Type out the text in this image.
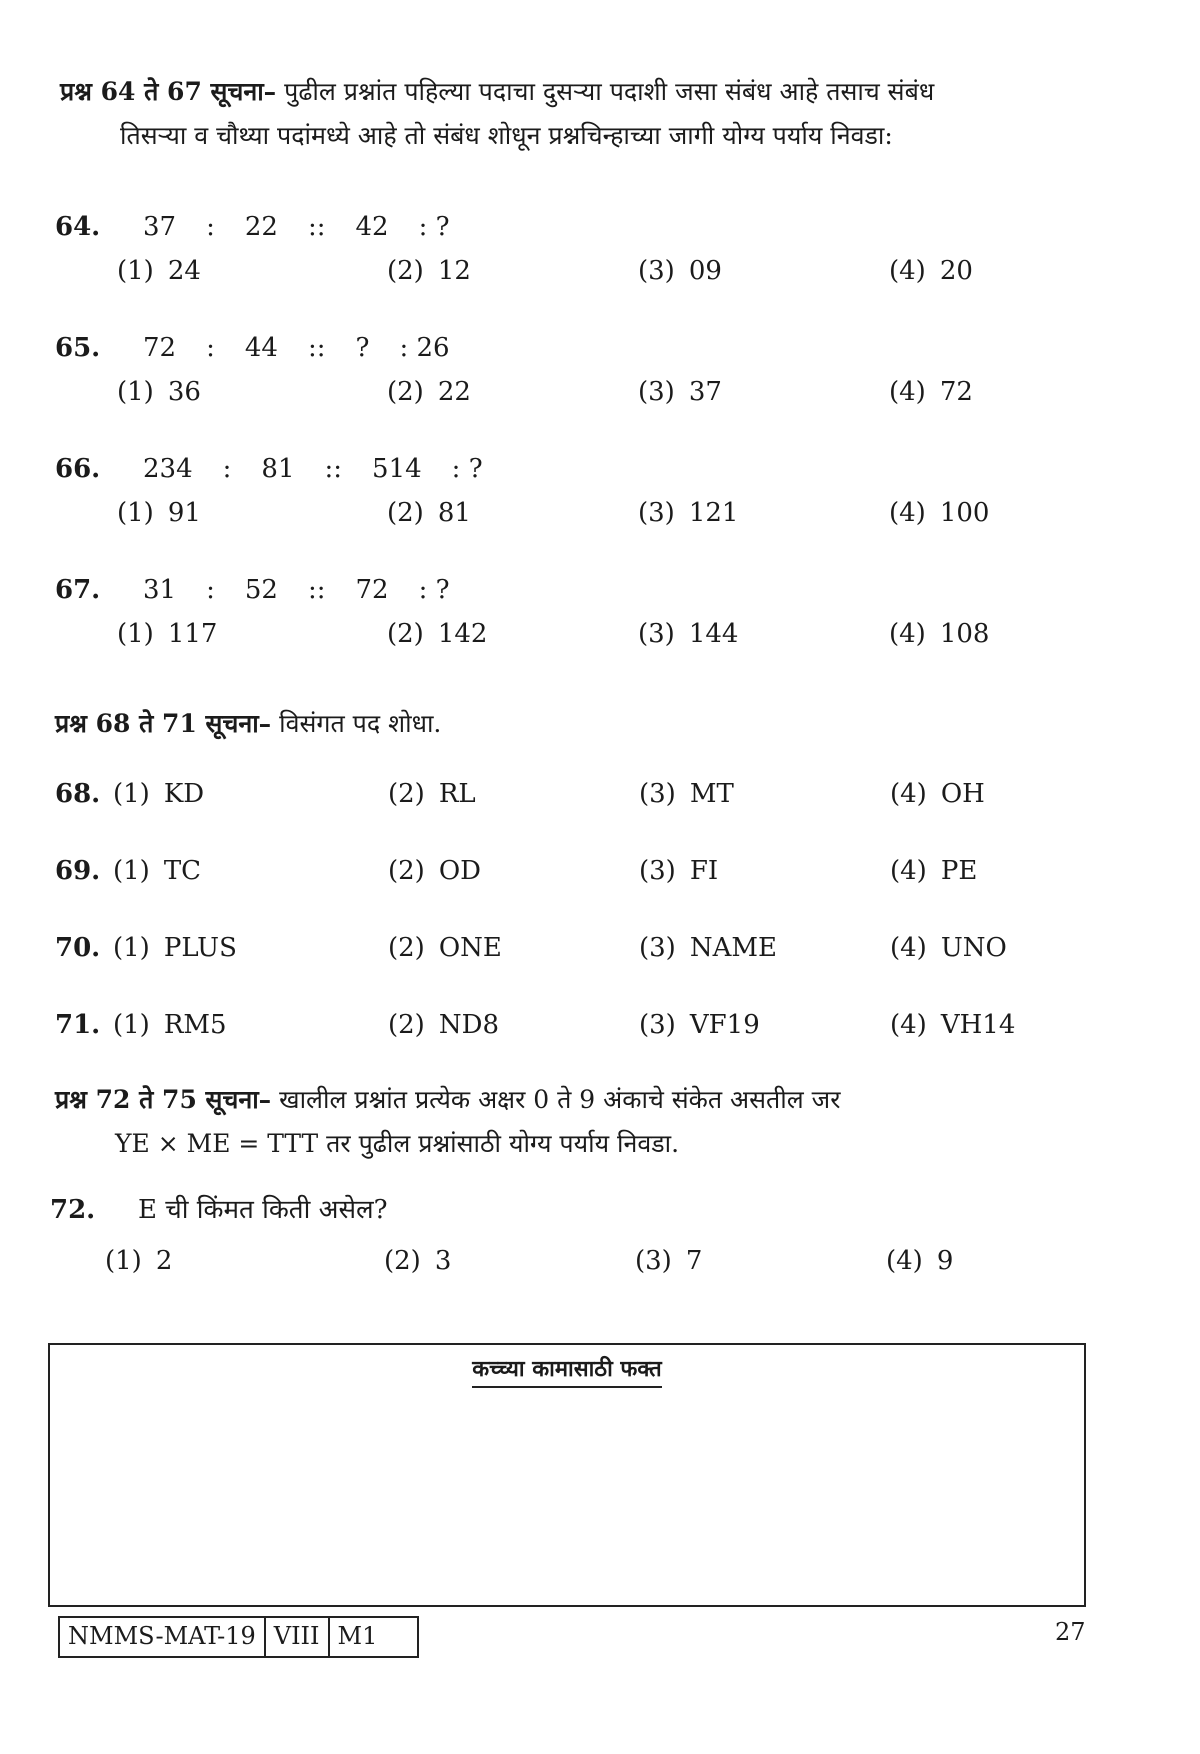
प्रश्न 64 ते 67 सूचना– पुढील प्रश्नांत पहिल्या पदाचा दुसऱ्या पदाशी जसा संबंध आहे तसाच संबंध
तिसऱ्या व चौथ्या पदांमध्ये आहे तो संबंध शोधून प्रश्नचिन्हाच्या जागी योग्य पर्याय निवडा:
64. 37 : 22 :: 42 : ?
(1) 24	(2) 12	(3) 09	(4) 20
65. 72 : 44 :: ? : 26
(1) 36	(2) 22	(3) 37	(4) 72
66. 234 : 81 :: 514 : ?
(1) 91	(2) 81	(3) 121	(4) 100
67. 31 : 52 :: 72 : ?
(1) 117	(2) 142	(3) 144	(4) 108
प्रश्न 68 ते 71 सूचना– विसंगत पद शोधा.
68. (1) KD	(2) RL	(3) MT	(4) OH
69. (1) TC	(2) OD	(3) FI	(4) PE
70. (1) PLUS	(2) ONE	(3) NAME	(4) UNO
71. (1) RM5	(2) ND8	(3) VF19	(4) VH14
प्रश्न 72 ते 75 सूचना– खालील प्रश्नांत प्रत्येक अक्षर 0 ते 9 अंकाचे संकेत असतील जर
YE × ME = TTT तर पुढील प्रश्नांसाठी योग्य पर्याय निवडा.
72. E ची किंमत किती असेल?
(1) 2	(2) 3	(3) 7	(4) 9
कच्च्या कामासाठी फक्त
NMMS-MAT-19 VIII M1	27
